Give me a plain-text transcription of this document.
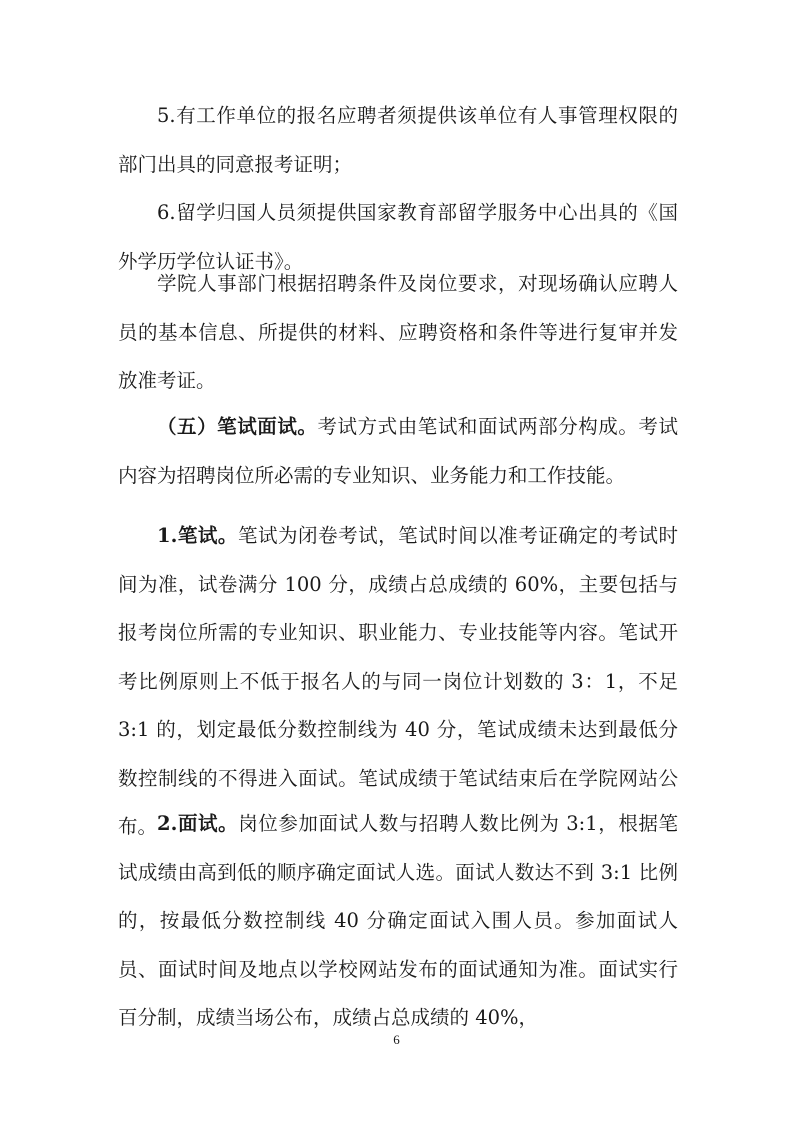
5.有工作单位的报名应聘者须提供该单位有人事管理权限的部门出具的同意报考证明；

6.留学归国人员须提供国家教育部留学服务中心出具的《国外学历学位认证书》。

学院人事部门根据招聘条件及岗位要求，对现场确认应聘人员的基本信息、所提供的材料、应聘资格和条件等进行复审并发放准考证。

（五）笔试面试。考试方式由笔试和面试两部分构成。考试内容为招聘岗位所必需的专业知识、业务能力和工作技能。

1.笔试。笔试为闭卷考试，笔试时间以准考证确定的考试时间为准，试卷满分 100 分，成绩占总成绩的 60%，主要包括与报考岗位所需的专业知识、职业能力、专业技能等内容。笔试开考比例原则上不低于报名人的与同一岗位计划数的 3：1，不足 3:1 的，划定最低分数控制线为 40 分，笔试成绩未达到最低分数控制线的不得进入面试。笔试成绩于笔试结束后在学院网站公布。 2.面试。岗位参加面试人数与招聘人数比例为 3:1，根据笔试成绩由高到低的顺序确定面试人选。面试人数达不到 3:1 比例的，按最低分数控制线 40 分确定面试入围人员。参加面试人员、面试时间及地点以学校网站发布的面试通知为准。面试实行百分制，成绩当场公布，成绩占总成绩的 40%，

6
